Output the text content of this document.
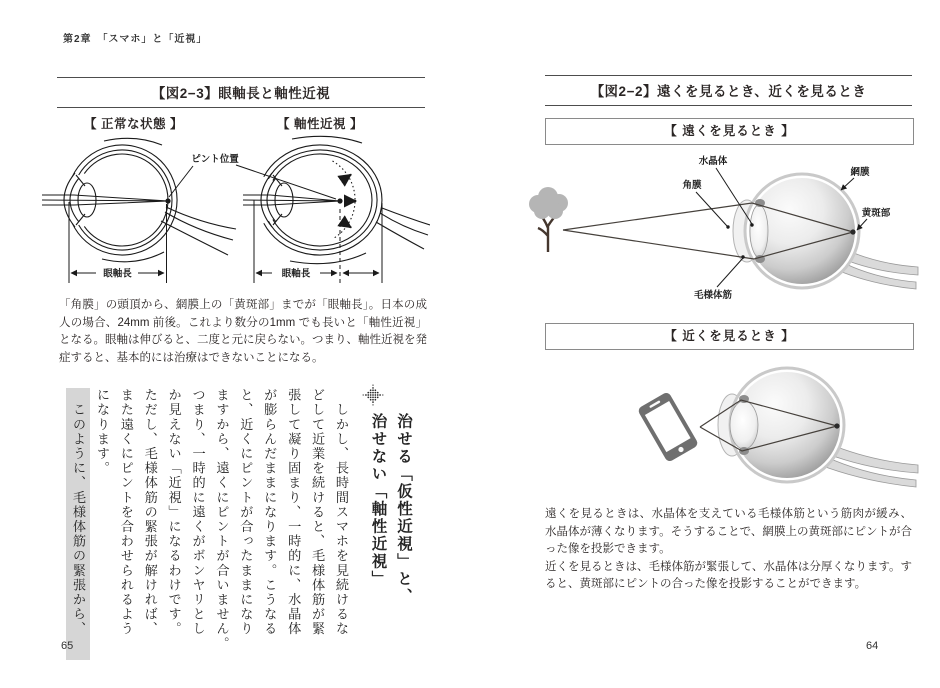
第2章　「スマホ」と「近視」
【図2−3】眼軸長と軸性近視
【 正常な状態 】	【 軸性近視 】
眼軸長	眼軸長
ピント位置
「角膜」の頭頂から、網膜上の「黄斑部」までが「眼軸長」。日本の成人の場合、24mm 前後。これより数分の1mm でも長いと「軸性近視」となる。眼軸は伸びると、二度と元に戻らない。つまり、軸性近視を発症すると、基本的には治療はできないことになる。
治せる「仮性近視」と、
治せない「軸性近視」
　しかし、長時間スマホを見続けるな
どして近業を続けると、毛様体筋が緊
張して凝り固まり、一時的に、水晶体
が膨らんだままになります。こうなる
と、近くにピントが合ったままになり
ますから、遠くにピントが合いません。
つまり、一時的に遠くがボンヤリとし
か見えない「近視」になるわけです。
ただし、毛様体筋の緊張が解ければ、
また遠くにピントを合わせられるよう
になります。
　このように、毛様体筋の緊張から、
65
【図2−2】遠くを見るとき、近くを見るとき
【 遠くを見るとき 】
水晶体
角膜
網膜
黄斑部
毛様体筋
【 近くを見るとき 】
遠くを見るときは、水晶体を支えている毛様体筋という筋肉が緩み、水晶体が薄くなります。そうすることで、網膜上の黄斑部にピントが合った像を投影できます。
近くを見るときは、毛様体筋が緊張して、水晶体は分厚くなります。すると、黄斑部にピントの合った像を投影することができます。
64
